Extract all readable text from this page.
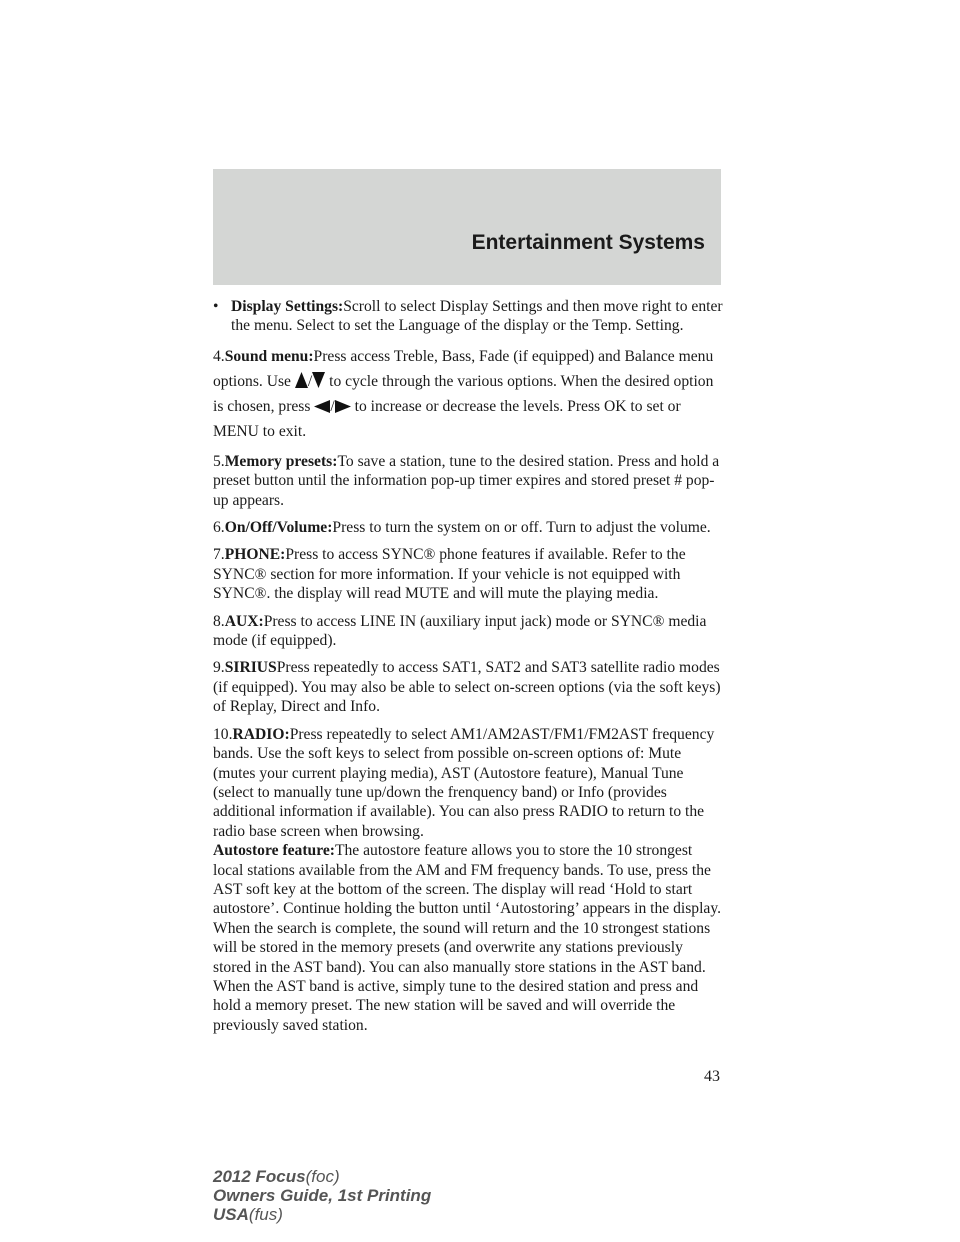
Entertainment Systems
• Display Settings:Scroll to select Display Settings and then move right to enter the menu. Select to set the Language of the display or the Temp. Setting.

4.Sound menu:Press access Treble, Bass, Fade (if equipped) and Balance menu options. Use / to cycle through the various options. When the desired option is chosen, press / to increase or decrease the levels. Press OK to set or MENU to exit.

5.Memory presets:To save a station, tune to the desired station. Press and hold a preset button until the information pop-up timer expires and stored preset # pop-up appears.

6.On/Off/Volume:Press to turn the system on or off. Turn to adjust the volume.

7.PHONE:Press to access SYNC® phone features if available. Refer to the SYNC® section for more information. If your vehicle is not equipped with SYNC®. the display will read MUTE and will mute the playing media.

8.AUX:Press to access LINE IN (auxiliary input jack) mode or SYNC® media mode (if equipped).

9.SIRIUSPress repeatedly to access SAT1, SAT2 and SAT3 satellite radio modes (if equipped). You may also be able to select on-screen options (via the soft keys) of Replay, Direct and Info.

10.RADIO:Press repeatedly to select AM1/AM2AST/FM1/FM2AST frequency bands. Use the soft keys to select from possible on-screen options of: Mute (mutes your current playing media), AST (Autostore feature), Manual Tune (select to manually tune up/down the frenquency band) or Info (provides additional information if available). You can also press RADIO to return to the radio base screen when browsing.

Autostore feature:The autostore feature allows you to store the 10 strongest local stations available from the AM and FM frequency bands. To use, press the AST soft key at the bottom of the screen. The display will read ‘Hold to start autostore’. Continue holding the button until ‘Autostoring’ appears in the display. When the search is complete, the sound will return and the 10 strongest stations will be stored in the memory presets (and overwrite any stations previously stored in the AST band). You can also manually store stations in the AST band. When the AST band is active, simply tune to the desired station and press and hold a memory preset. The new station will be saved and will override the previously saved station.

43
2012 Focus(foc)
Owners Guide, 1st Printing
USA(fus)
